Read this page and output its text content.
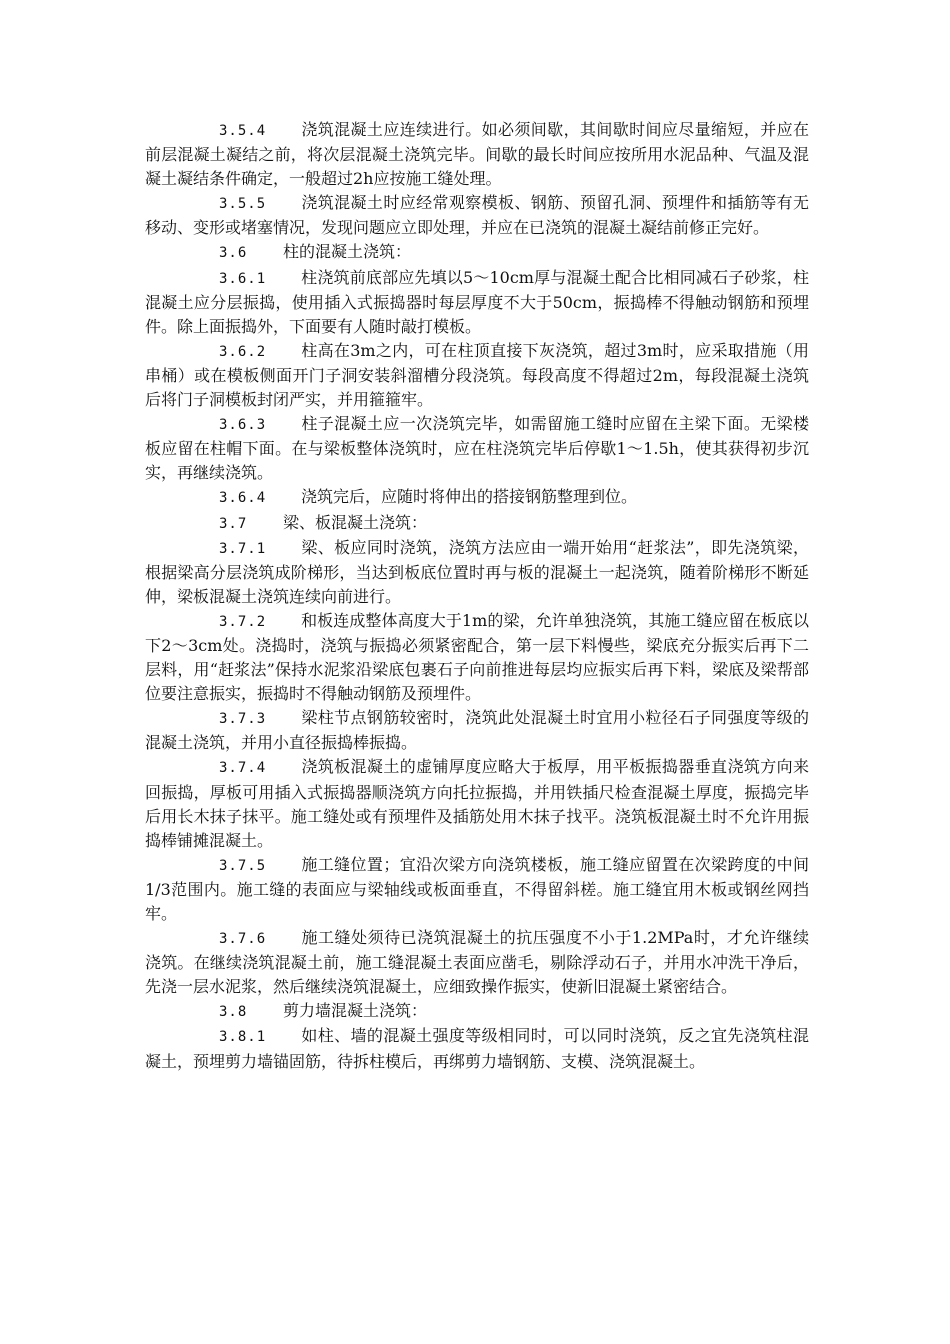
3.5.4 浇筑混凝土应连续进行。如必须间歇，其间歇时间应尽量缩短，并应在前层混凝土凝结之前，将次层混凝土浇筑完毕。间歇的最长时间应按所用水泥品种、气温及混凝土凝结条件确定，一般超过2h应按施工缝处理。

3.5.5 浇筑混凝土时应经常观察模板、钢筋、预留孔洞、预埋件和插筋等有无移动、变形或堵塞情况，发现问题应立即处理，并应在已浇筑的混凝土凝结前修正完好。

3.6 柱的混凝土浇筑：

3.6.1 柱浇筑前底部应先填以5～10cm厚与混凝土配合比相同减石子砂浆，柱混凝土应分层振捣，使用插入式振捣器时每层厚度不大于50cm，振捣棒不得触动钢筋和预埋件。除上面振捣外，下面要有人随时敲打模板。

3.6.2 柱高在3m之内，可在柱顶直接下灰浇筑，超过3m时，应采取措施（用串桶）或在模板侧面开门子洞安装斜溜槽分段浇筑。每段高度不得超过2m，每段混凝土浇筑后将门子洞模板封闭严实，并用箍箍牢。

3.6.3 柱子混凝土应一次浇筑完毕，如需留施工缝时应留在主梁下面。无梁楼板应留在柱帽下面。在与梁板整体浇筑时，应在柱浇筑完毕后停歇1～1.5h，使其获得初步沉实，再继续浇筑。

3.6.4 浇筑完后，应随时将伸出的搭接钢筋整理到位。

3.7 梁、板混凝土浇筑：

3.7.1 梁、板应同时浇筑，浇筑方法应由一端开始用“赶浆法”，即先浇筑梁，根据梁高分层浇筑成阶梯形，当达到板底位置时再与板的混凝土一起浇筑，随着阶梯形不断延伸，梁板混凝土浇筑连续向前进行。

3.7.2 和板连成整体高度大于1m的梁，允许单独浇筑，其施工缝应留在板底以下2～3cm处。浇捣时，浇筑与振捣必须紧密配合，第一层下料慢些，梁底充分振实后再下二层料，用“赶浆法”保持水泥浆沿梁底包裹石子向前推进每层均应振实后再下料，梁底及梁帮部位要注意振实，振捣时不得触动钢筋及预埋件。

3.7.3 梁柱节点钢筋较密时，浇筑此处混凝土时宜用小粒径石子同强度等级的混凝土浇筑，并用小直径振捣棒振捣。

3.7.4 浇筑板混凝土的虚铺厚度应略大于板厚，用平板振捣器垂直浇筑方向来回振捣，厚板可用插入式振捣器顺浇筑方向托拉振捣，并用铁插尺检查混凝土厚度，振捣完毕后用长木抹子抹平。施工缝处或有预埋件及插筋处用木抹子找平。浇筑板混凝土时不允许用振捣棒铺摊混凝土。

3.7.5 施工缝位置；宜沿次梁方向浇筑楼板，施工缝应留置在次梁跨度的中间1/3范围内。施工缝的表面应与梁轴线或板面垂直，不得留斜槎。施工缝宜用木板或钢丝网挡牢。

3.7.6 施工缝处须待已浇筑混凝土的抗压强度不小于1.2MPa时，才允许继续浇筑。在继续浇筑混凝土前，施工缝混凝土表面应凿毛，剔除浮动石子，并用水冲洗干净后，先浇一层水泥浆，然后继续浇筑混凝土，应细致操作振实，使新旧混凝土紧密结合。

3.8 剪力墙混凝土浇筑：

3.8.1 如柱、墙的混凝土强度等级相同时，可以同时浇筑，反之宜先浇筑柱混凝土，预埋剪力墙锚固筋，待拆柱模后，再绑剪力墙钢筋、支模、浇筑混凝土。
